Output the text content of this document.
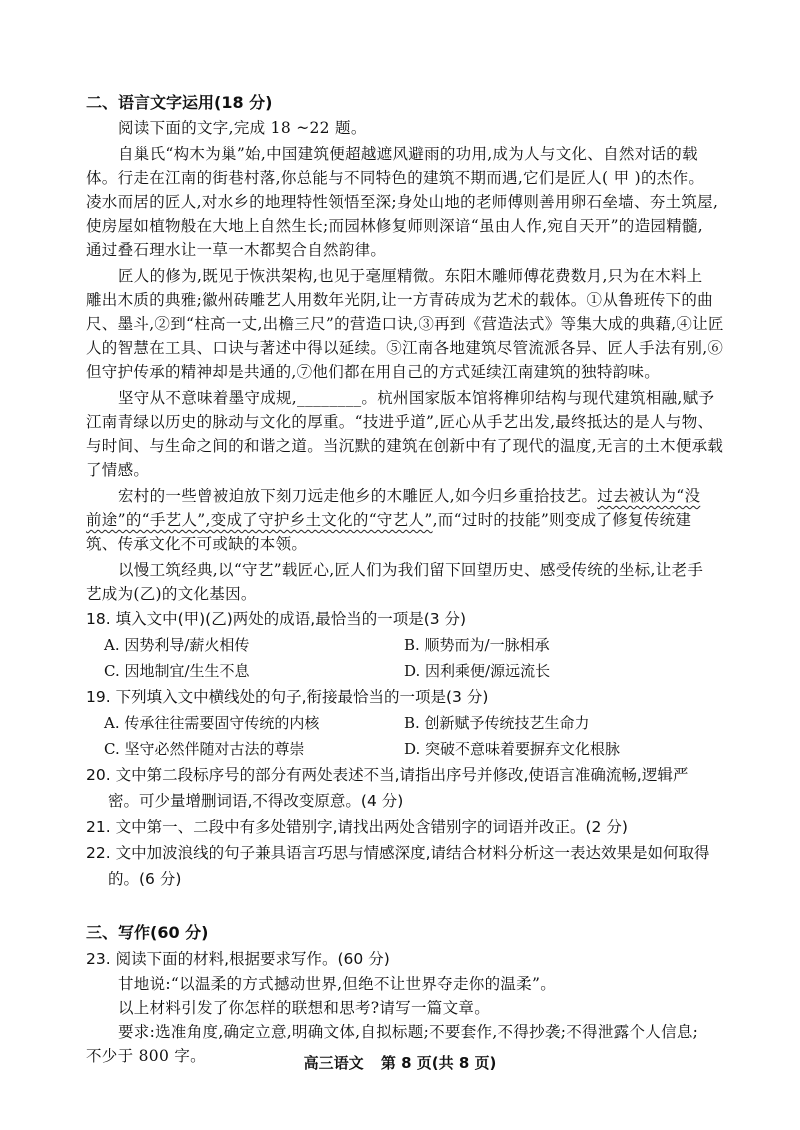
二、语言文字运用(18 分)
阅读下面的文字,完成 18 ~22 题。
自巢氏“构木为巢”始,中国建筑便超越遮风避雨的功用,成为人与文化、自然对话的载
体。行走在江南的街巷村落,你总能与不同特色的建筑不期而遇,它们是匠人( 甲 )的杰作。
凌水而居的匠人,对水乡的地理特性领悟至深;身处山地的老师傅则善用卵石垒墙、夯土筑屋,
使房屋如植物般在大地上自然生长;而园林修复师则深谙“虽由人作,宛自天开”的造园精髓,
通过叠石理水让一草一木都契合自然韵律。
匠人的修为,既见于恢洪架构,也见于毫厘精微。东阳木雕师傅花费数月,只为在木料上
雕出木质的典雅;徽州砖雕艺人用数年光阴,让一方青砖成为艺术的载体。①从鲁班传下的曲
尺、墨斗,②到“柱高一丈,出檐三尺”的营造口诀,③再到《营造法式》等集大成的典藉,④让匠
人的智慧在工具、口诀与著述中得以延续。⑤江南各地建筑尽管流派各异、匠人手法有别,⑥
但守护传承的精神却是共通的,⑦他们都在用自己的方式延续江南建筑的独特韵味。
坚守从不意味着墨守成规,________。杭州国家版本馆将榫卯结构与现代建筑相融,赋予
江南青绿以历史的脉动与文化的厚重。“技进乎道”,匠心从手艺出发,最终抵达的是人与物、
与时间、与生命之间的和谐之道。当沉默的建筑在创新中有了现代的温度,无言的土木便承载
了情感。
宏村的一些曾被迫放下刻刀远走他乡的木雕匠人,如今归乡重拾技艺。过去被认为“没
前途”的“手艺人”,变成了守护乡土文化的“守艺人”,而“过时的技能”则变成了修复传统建
筑、传承文化不可或缺的本领。
以慢工筑经典,以“守艺”载匠心,匠人们为我们留下回望历史、感受传统的坐标,让老手
艺成为(乙)的文化基因。
18. 填入文中(甲)(乙)两处的成语,最恰当的一项是(3 分)
A. 因势利导/薪火相传	B. 顺势而为/一脉相承
C. 因地制宜/生生不息	D. 因利乘便/源远流长
19. 下列填入文中横线处的句子,衔接最恰当的一项是(3 分)
A. 传承往往需要固守传统的内核	B. 创新赋予传统技艺生命力
C. 坚守必然伴随对古法的尊崇	D. 突破不意味着要摒弃文化根脉
20. 文中第二段标序号的部分有两处表述不当,请指出序号并修改,使语言准确流畅,逻辑严
密。可少量增删词语,不得改变原意。(4 分)
21. 文中第一、二段中有多处错别字,请找出两处含错别字的词语并改正。(2 分)
22. 文中加波浪线的句子兼具语言巧思与情感深度,请结合材料分析这一表达效果是如何取得
的。(6 分)
三、写作(60 分)
23. 阅读下面的材料,根据要求写作。(60 分)
甘地说:“以温柔的方式撼动世界,但绝不让世界夺走你的温柔”。
以上材料引发了你怎样的联想和思考?请写一篇文章。
要求:选准角度,确定立意,明确文体,自拟标题;不要套作,不得抄袭;不得泄露个人信息;
不少于 800 字。	高三语文 第 8 页(共 8 页)
